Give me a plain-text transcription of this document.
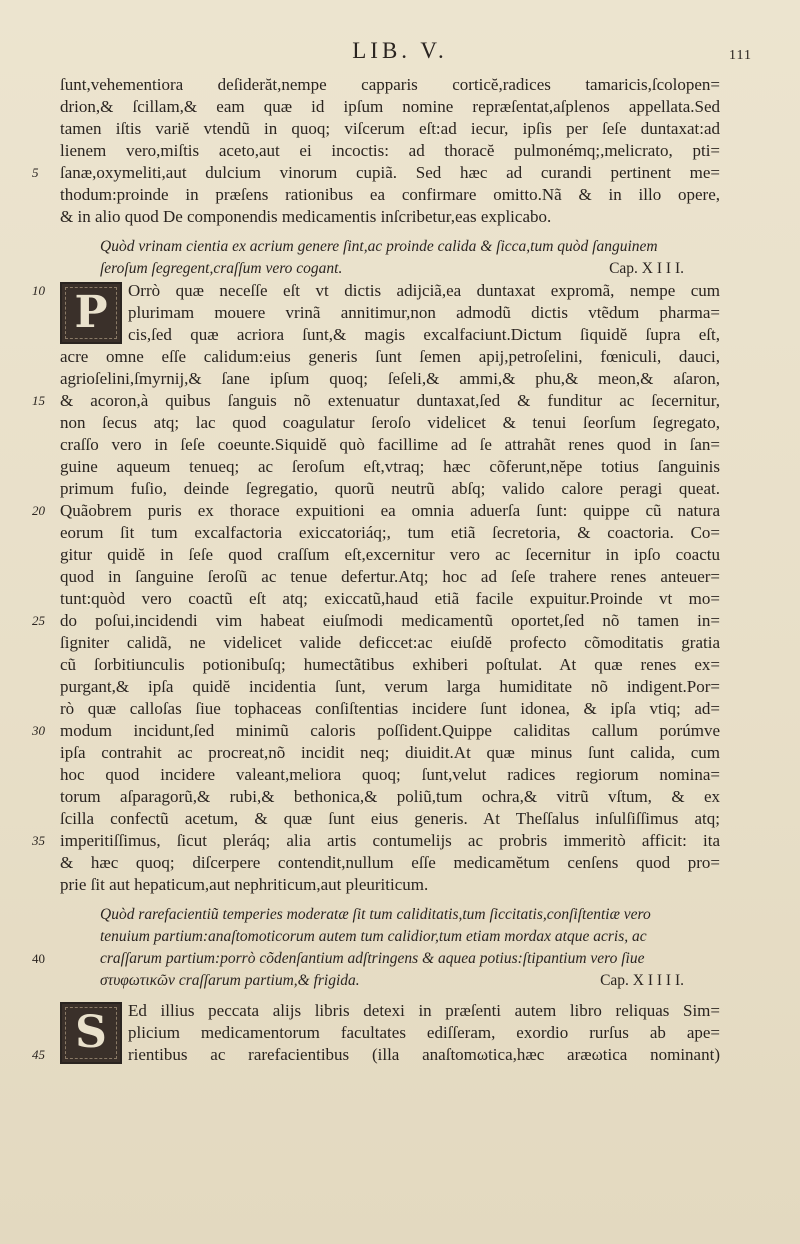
LIB. V.	111
ſunt,vehementiora deſiderăt,nempe capparis corticĕ,radices tamaricis,ſcolopen=
drion,& ſcillam,& eam quæ id ipſum nomine repræſentat,aſplenos appellata.Sed
tamen iſtis variĕ vtendũ in quoq; viſcerum eſt:ad iecur, ipſis per ſeſe duntaxat:ad
lienem vero,miſtis aceto,aut ei incoctis: ad thoracĕ pulmonémq;,melicrato, pti=
5	ſanæ,oxymeliti,aut dulcium vinorum cupiã. Sed hæc ad curandi pertinent me=
thodum:proinde in præſens rationibus ea confirmare omitto.Nã & in illo opere,
& in alio quod De componendis medicamentis inſcribetur,eas explicabo.
Quòd vrinam cientia ex acrium genere ſint,ac proinde calida & ſicca,tum quòd ſanguinem
ſeroſum ſegregent,craſſum vero cogant.	Cap. X I I I.
P
10	Orrò quæ neceſſe eſt vt dictis adijciã,ea duntaxat expromã, nempe cum
plurimam mouere vrinã annitimur,non admodũ dictis vtẽdum pharma=
cis,ſed quæ acriora ſunt,& magis excalfaciunt.Dictum ſiquidĕ ſupra eſt,
acre omne eſſe calidum:eius generis ſunt ſemen apij,petroſelini, fœniculi, dauci,
agrioſelini,ſmyrnij,& ſane ipſum quoq; ſeſeli,& ammi,& phu,& meon,& aſaron,
15 & acoron,à quibus ſanguis nõ extenuatur duntaxat,ſed & funditur ac ſecernitur,
non ſecus atq; lac quod coagulatur ſeroſo videlicet & tenui ſeorſum ſegregato,
craſſo vero in ſeſe coeunte.Siquidĕ quò facillime ad ſe attrahãt renes quod in ſan=
guine aqueum tenueq; ac ſeroſum eſt,vtraq; hæc cõferunt,nĕpe totius ſanguinis
primum fuſio, deinde ſegregatio, quorũ neutrũ abſq; valido calore peragi queat.
20 Quãobrem puris ex thorace expuitioni ea omnia aduerſa ſunt: quippe cũ natura
eorum ſit tum excalfactoria exiccatoriáq;, tum etiã ſecretoria, & coactoria. Co=
gitur quidĕ in ſeſe quod craſſum eſt,excernitur vero ac ſecernitur in ipſo coactu
quod in ſanguine ſeroſũ ac tenue defertur.Atq; hoc ad ſeſe trahere renes anteuer=
tunt:quòd vero coactũ eſt atq; exiccatũ,haud etiã facile expuitur.Proinde vt mo=
25 do poſui,incidendi vim habeat eiuſmodi medicamentũ oportet,ſed nõ tamen in=
ſigniter calidã, ne videlicet valide deficcet:ac eiuſdĕ profecto cõmoditatis gratia
cũ ſorbitiunculis potionibuſq; humectãtibus exhiberi poſtulat. At quæ renes ex=
purgant,& ipſa quidĕ incidentia ſunt, verum larga humiditate nõ indigent.Por=
rò quæ calloſas ſiue tophaceas conſiſtentias incidere ſunt idonea, & ipſa vtiq; ad=
30 modum incidunt,ſed minimũ caloris poſſident.Quippe caliditas callum porúmve
ipſa contrahit ac procreat,nõ incidit neq; diuidit.At quæ minus ſunt calida, cum
hoc quod incidere valeant,meliora quoq; ſunt,velut radices regiorum nomina=
torum aſparagorũ,& rubi,& bethonica,& poliũ,tum ochra,& vitrũ vſtum, & ex
ſcilla confectũ acetum, & quæ ſunt eius generis. At Theſſalus inſulſiſſimus atq;
35 imperitiſſimus, ſicut pleráq; alia artis contumelijs ac probris immeritò afficit: ita
& hæc quoq; diſcerpere contendit,nullum eſſe medicamĕtum cenſens quod pro=
prie ſit aut hepaticum,aut nephriticum,aut pleuriticum.
Quòd rarefacientiũ temperies moderatæ ſit tum caliditatis,tum ſiccitatis,conſiſtentiæ vero
tenuium partium:anaſtomoticorum autem tum calidior,tum etiam mordax atque acris, ac
40	craſſarum partium:porrò cõdenſantium adſtringens & aquea potius:ſtipantium vero ſiue
στυφωτικῶν craſſarum partium,& frigida.	Cap. X I I I I.
S	Ed illius peccata alijs libris detexi in præſenti autem libro reliquas Sim=
plicium medicamentorum facultates ediſſeram, exordio rurſus ab ape=
45	rientibus ac rarefacientibus (illa anaſtomωtica,hæc aræωtica nominant)
